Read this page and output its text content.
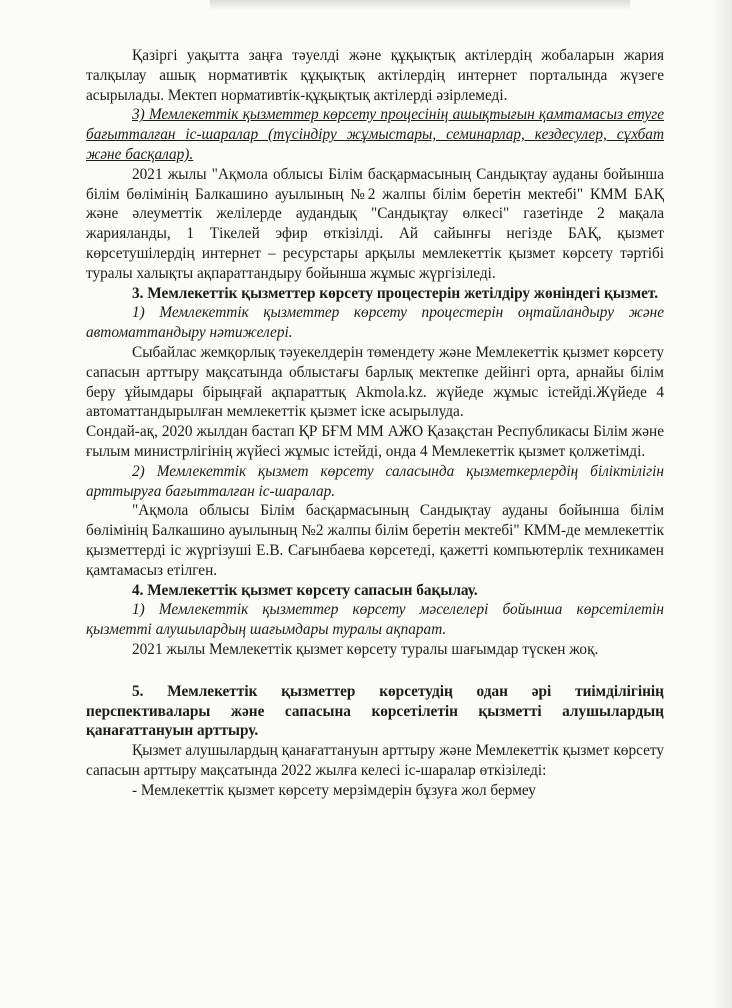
Қазіргі уақытта заңға тәуелді және құқықтық актілердің жобаларын жария талқылау ашық нормативтік құқықтық актілердің интернет порталында жүзеге асырылады. Мектеп нормативтік-құқықтық актілерді әзірлемеді.

3) Мемлекеттік қызметтер көрсету процесінің ашықтығын қамтамасыз етуге бағытталған іс-шаралар (түсіндіру жұмыстары, семинарлар, кездесулер, сұхбат және басқалар).

2021 жылы "Ақмола облысы Білім басқармасының Сандықтау ауданы бойынша білім бөлімінің Балкашино ауылының №2 жалпы білім беретін мектебі" КММ БАҚ және әлеуметтік желілерде аудандық "Сандықтау өлкесі" газетінде 2 мақала жарияланды, 1 Тікелей эфир өткізілді. Ай сайынғы негізде БАҚ, қызмет көрсетушілердің интернет – ресурстары арқылы мемлекеттік қызмет көрсету тәртібі туралы халықты ақпараттандыру бойынша жұмыс жүргізіледі.

3. Мемлекеттік қызметтер көрсету процестерін жетілдіру жөніндегі қызмет.

1) Мемлекеттік қызметтер көрсету процестерін оңтайландыру және автоматтандыру нәтижелері.

Сыбайлас жемқорлық тәуекелдерін төмендету және Мемлекеттік қызмет көрсету сапасын арттыру мақсатында облыстағы барлық мектепке дейінгі орта, арнайы білім беру ұйымдары бірыңғай ақпараттық Akmola.kz. жүйеде жұмыс істейді.Жүйеде 4 автоматтандырылған мемлекеттік қызмет іске асырылуда.

Сондай-ақ, 2020 жылдан бастап ҚР БҒМ ММ АЖО Қазақстан Республикасы Білім және ғылым министрлігінің жүйесі жұмыс істейді, онда 4 Мемлекеттік қызмет қолжетімді.

2) Мемлекеттік қызмет көрсету саласында қызметкерлердің біліктілігін арттыруға бағытталған іс-шаралар.

"Ақмола облысы Білім басқармасының Сандықтау ауданы бойынша білім бөлімінің Балкашино ауылының №2 жалпы білім беретін мектебі" КММ-де мемлекеттік қызметтерді іс жүргізуші Е.В. Сағынбаева көрсетеді, қажетті компьютерлік техникамен қамтамасыз етілген.

4. Мемлекеттік қызмет көрсету сапасын бақылау.

1) Мемлекеттік қызметтер көрсету мәселелері бойынша көрсетілетін қызметті алушылардың шағымдары туралы ақпарат.

2021 жылы Мемлекеттік қызмет көрсету туралы шағымдар түскен жоқ.

5. Мемлекеттік қызметтер көрсетудің одан әрі тиімділігінің перспективалары және сапасына көрсетілетін қызметті алушылардың қанағаттануын арттыру.

Қызмет алушылардың қанағаттануын арттыру және Мемлекеттік қызмет көрсету сапасын арттыру мақсатында 2022 жылға келесі іс-шаралар өткізіледі:

- Мемлекеттік қызмет көрсету мерзімдерін бұзуға жол бермеу
